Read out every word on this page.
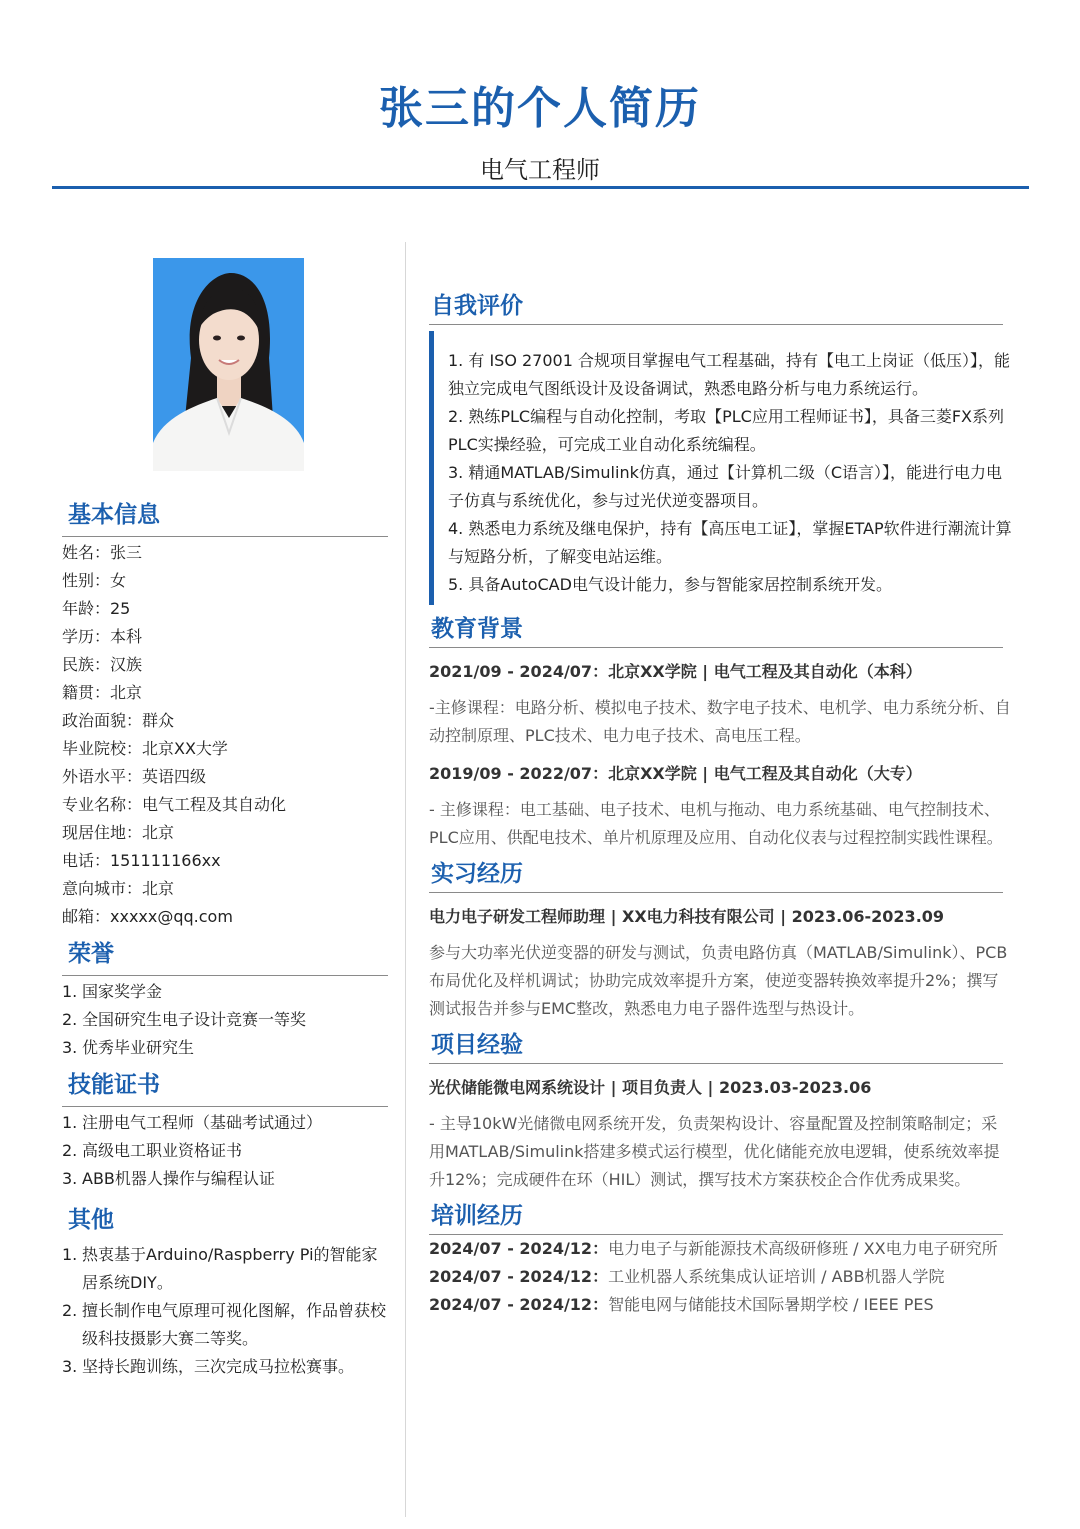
张三的个人简历
电气工程师
基本信息
姓名：张三
性别：女
年龄：25
学历：本科
民族：汉族
籍贯：北京
政治面貌：群众
毕业院校：北京XX大学
外语水平：英语四级
专业名称：电气工程及其自动化
现居住地：北京
电话：151111166xx
意向城市：北京
邮箱：xxxxx@qq.com
荣誉
1. 国家奖学金
2. 全国研究生电子设计竞赛一等奖
3. 优秀毕业研究生
技能证书
1. 注册电气工程师（基础考试通过）
2. 高级电工职业资格证书
3. ABB机器人操作与编程认证
其他
1. 热衷基于Arduino/Raspberry Pi的智能家居系统DIY。
2. 擅长制作电气原理可视化图解，作品曾获校级科技摄影大赛二等奖。
3. 坚持长跑训练，三次完成马拉松赛事。
自我评价
1. 有 ISO 27001 合规项目掌握电气工程基础，持有【电工上岗证（低压）】，能独立完成电气图纸设计及设备调试，熟悉电路分析与电力系统运行。
2. 熟练PLC编程与自动化控制，考取【PLC应用工程师证书】，具备三菱FX系列PLC实操经验，可完成工业自动化系统编程。
3. 精通MATLAB/Simulink仿真，通过【计算机二级（C语言）】，能进行电力电子仿真与系统优化，参与过光伏逆变器项目。
4. 熟悉电力系统及继电保护，持有【高压电工证】，掌握ETAP软件进行潮流计算与短路分析，了解变电站运维。
5. 具备AutoCAD电气设计能力，参与智能家居控制系统开发。
教育背景
2021/09 - 2024/07：北京XX学院 | 电气工程及其自动化（本科）
-主修课程：电路分析、模拟电子技术、数字电子技术、电机学、电力系统分析、自动控制原理、PLC技术、电力电子技术、高电压工程。
2019/09 - 2022/07：北京XX学院 | 电气工程及其自动化（大专）
- 主修课程：电工基础、电子技术、电机与拖动、电力系统基础、电气控制技术、PLC应用、供配电技术、单片机原理及应用、自动化仪表与过程控制实践性课程。
实习经历
电力电子研发工程师助理 | XX电力科技有限公司 | 2023.06-2023.09
参与大功率光伏逆变器的研发与测试，负责电路仿真（MATLAB/Simulink）、PCB布局优化及样机调试；协助完成效率提升方案，使逆变器转换效率提升2%；撰写测试报告并参与EMC整改，熟悉电力电子器件选型与热设计。
项目经验
光伏储能微电网系统设计 | 项目负责人 | 2023.03-2023.06
- 主导10kW光储微电网系统开发，负责架构设计、容量配置及控制策略制定；采用MATLAB/Simulink搭建多模式运行模型，优化储能充放电逻辑，使系统效率提升12%；完成硬件在环（HIL）测试，撰写技术方案获校企合作优秀成果奖。
培训经历
2024/07 - 2024/12：电力电子与新能源技术高级研修班 / XX电力电子研究所
2024/07 - 2024/12：工业机器人系统集成认证培训 / ABB机器人学院
2024/07 - 2024/12：智能电网与储能技术国际暑期学校 / IEEE PES
